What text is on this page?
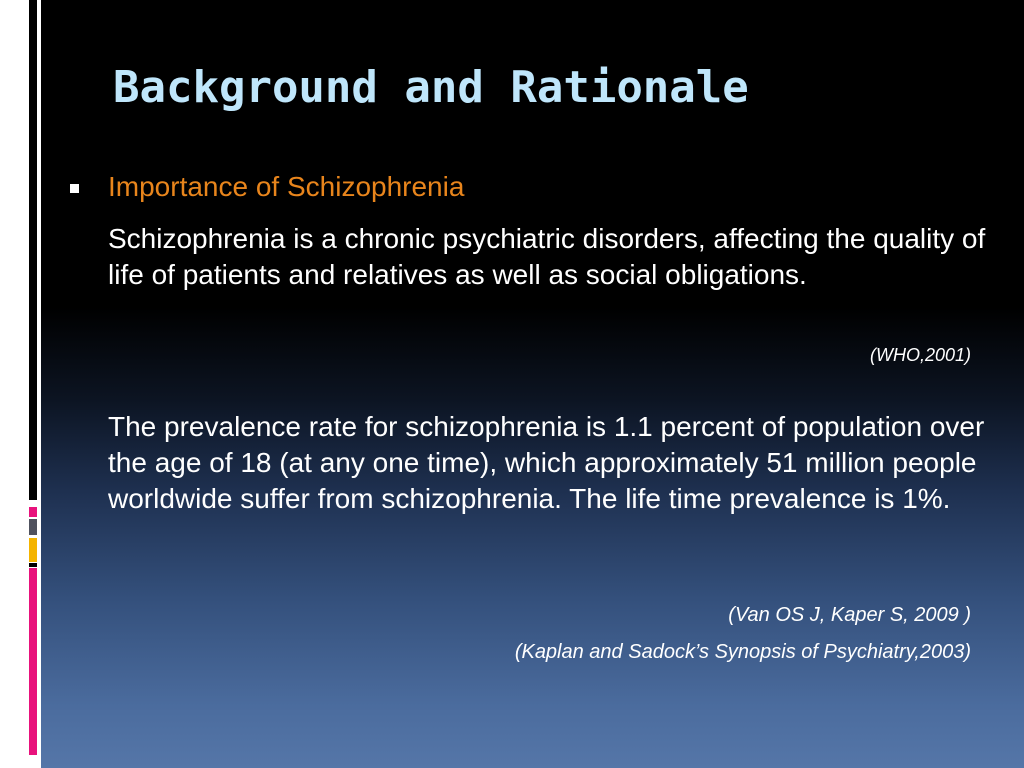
Background and Rationale
Importance of Schizophrenia

Schizophrenia is a chronic psychiatric disorders, affecting the quality of life of patients and relatives as well as social obligations.

(WHO,2001)

The prevalence rate for schizophrenia is 1.1 percent of population over the age of 18 (at any one time), which approximately 51 million people worldwide suffer from schizophrenia. The life time prevalence is 1%.

(Van OS J, Kaper S, 2009 )
(Kaplan and Sadock’s Synopsis of Psychiatry,2003)
